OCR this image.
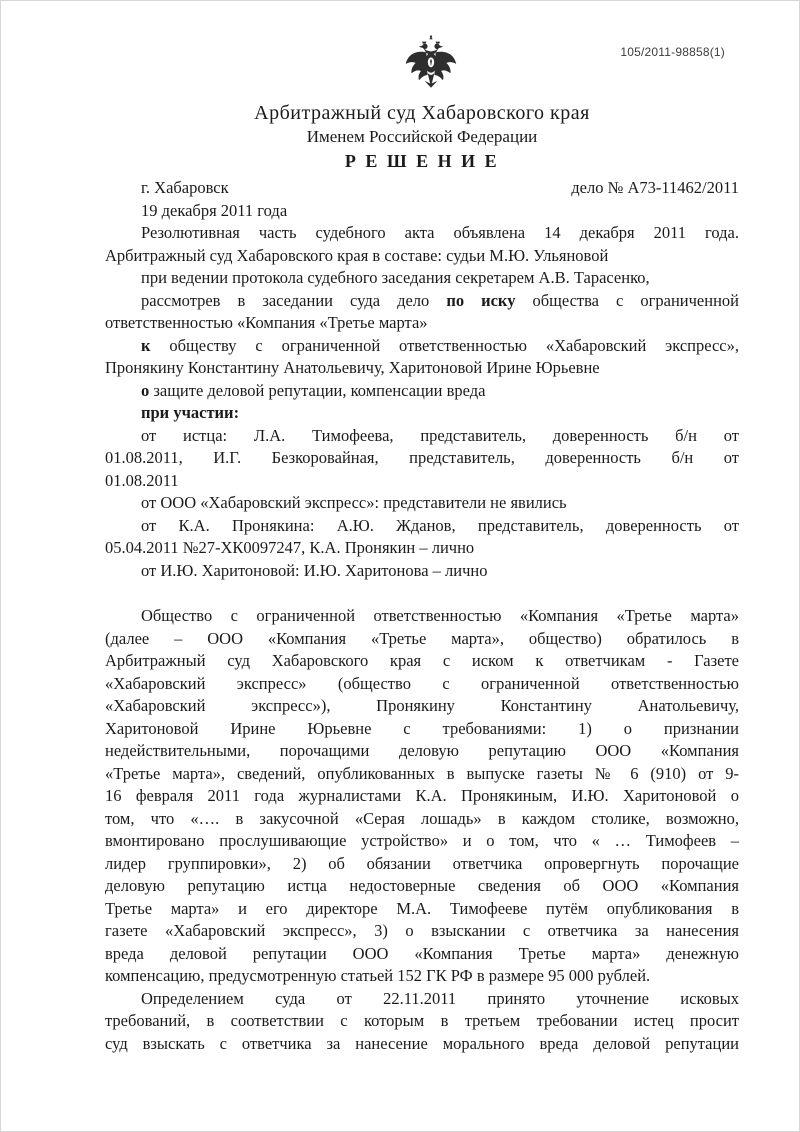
105/2011-98858(1)
Арбитражный суд Хабаровского края
Именем Российской Федерации
Р Е Ш Е Н И Е
г. Хабаровск	дело № А73-11462/2011
19 декабря 2011 года
Резолютивная часть судебного акта объявлена 14 декабря 2011 года.
Арбитражный суд Хабаровского края в составе: судьи М.Ю. Ульяновой
при ведении протокола судебного заседания секретарем А.В. Тарасенко,
рассмотрев в заседании суда дело по иску общества с ограниченной
ответственностью «Компания «Третье марта»
к обществу с ограниченной ответственностью «Хабаровский экспресс»,
Пронякину Константину Анатольевичу, Харитоновой Ирине Юрьевне
о защите деловой репутации, компенсации вреда
при участии:
от истца: Л.А. Тимофеева, представитель, доверенность б/н от
01.08.2011, И.Г. Безкоровайная, представитель, доверенность б/н от
01.08.2011
от ООО «Хабаровский экспресс»: представители не явились
от К.А. Пронякина: А.Ю. Жданов, представитель, доверенность от
05.04.2011 №27-ХК0097247, К.А. Пронякин – лично
от И.Ю. Харитоновой: И.Ю. Харитонова – лично
Общество с ограниченной ответственностью «Компания «Третье марта»
(далее – ООО «Компания «Третье марта», общество) обратилось в
Арбитражный суд Хабаровского края с иском к ответчикам - Газете
«Хабаровский экспресс» (общество с ограниченной ответственностью
«Хабаровский экспресс»), Пронякину Константину Анатольевичу,
Харитоновой Ирине Юрьевне с требованиями: 1) о признании
недействительными, порочащими деловую репутацию ООО «Компания
«Третье марта», сведений, опубликованных в выпуске газеты № 6 (910) от 9-
16 февраля 2011 года журналистами К.А. Пронякиным, И.Ю. Харитоновой о
том, что «…. в закусочной «Серая лошадь» в каждом столике, возможно,
вмонтировано прослушивающие устройство» и о том, что « … Тимофеев –
лидер группировки», 2) об обязании ответчика опровергнуть порочащие
деловую репутацию истца недостоверные сведения об ООО «Компания
Третье марта» и его директоре М.А. Тимофееве путём опубликования в
газете «Хабаровский экспресс», 3) о взыскании с ответчика за нанесения
вреда деловой репутации ООО «Компания Третье марта» денежную
компенсацию, предусмотренную статьей 152 ГК РФ в размере 95 000 рублей.
Определением суда от 22.11.2011 принято уточнение исковых
требований, в соответствии с которым в третьем требовании истец просит
суд взыскать с ответчика за нанесение морального вреда деловой репутации
